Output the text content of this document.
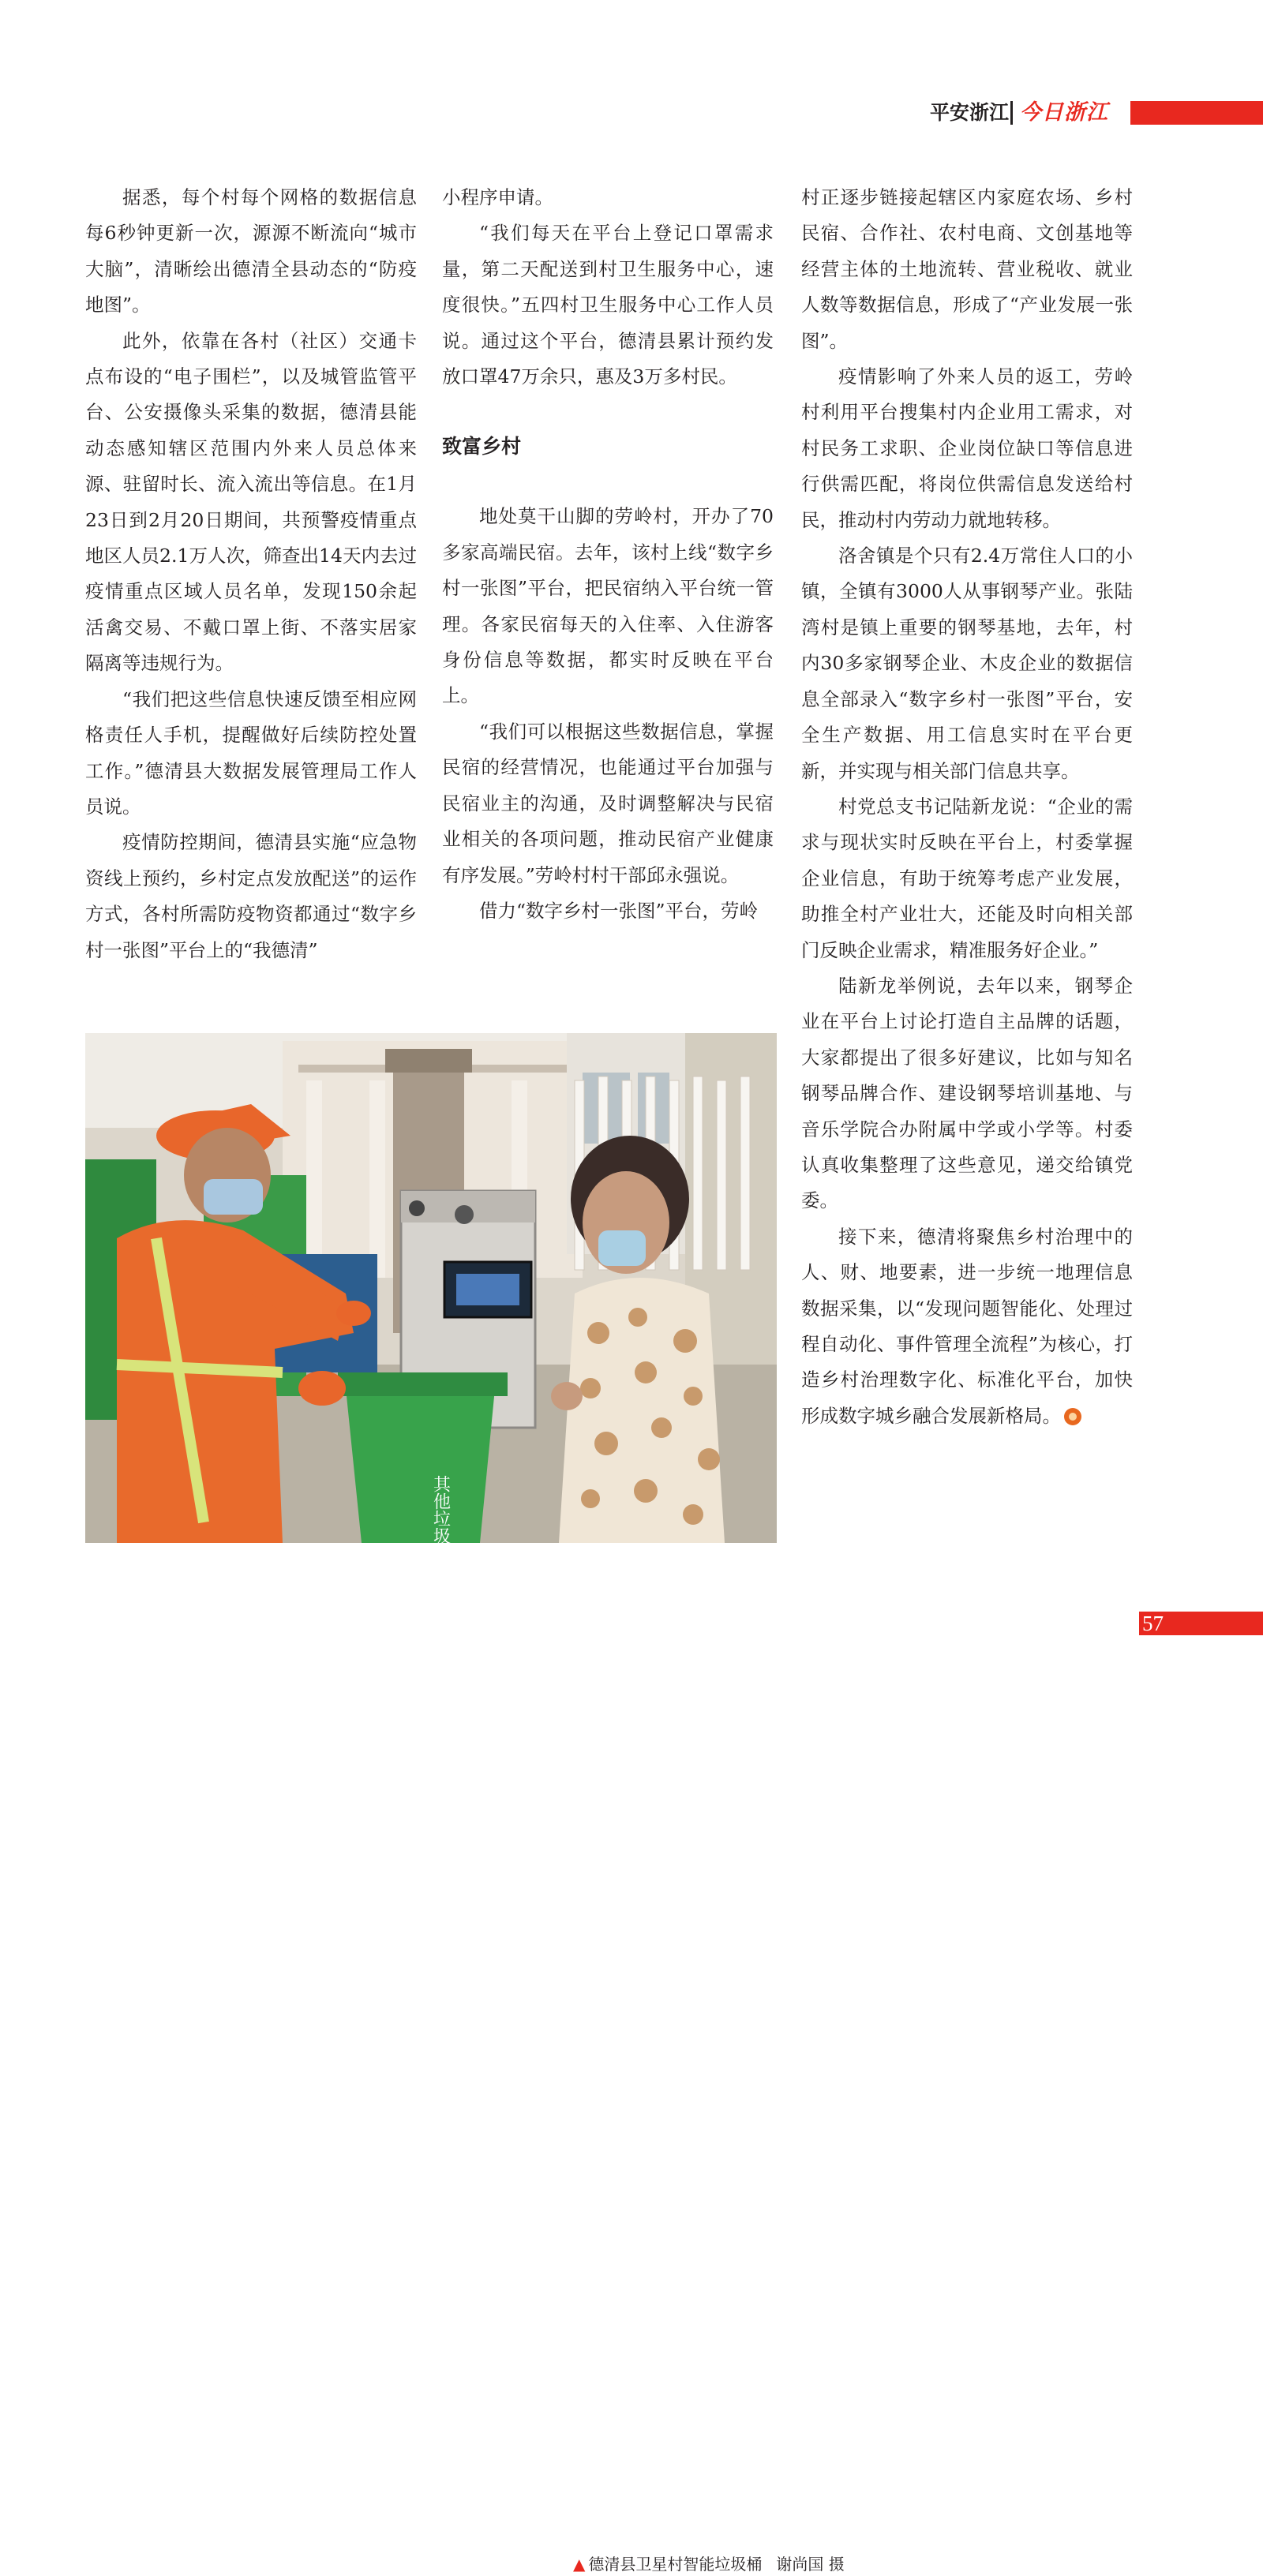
平安浙江 今日浙江

据悉，每个村每个网格的数据信息每6秒钟更新一次，源源不断流向“城市大脑”，清晰绘出德清全县动态的“防疫地图”。

此外，依靠在各村（社区）交通卡点布设的“电子围栏”，以及城管监管平台、公安摄像头采集的数据，德清县能动态感知辖区范围内外来人员总体来源、驻留时长、流入流出等信息。在1月23日到2月20日期间，共预警疫情重点地区人员2.1万人次，筛查出14天内去过疫情重点区域人员名单，发现150余起活禽交易、不戴口罩上街、不落实居家隔离等违规行为。

“我们把这些信息快速反馈至相应网格责任人手机，提醒做好后续防控处置工作。”德清县大数据发展管理局工作人员说。

疫情防控期间，德清县实施“应急物资线上预约，乡村定点发放配送”的运作方式，各村所需防疫物资都通过“数字乡村一张图”平台上的“我德清”

小程序申请。

“我们每天在平台上登记口罩需求量，第二天配送到村卫生服务中心，速度很快。”五四村卫生服务中心工作人员说。通过这个平台，德清县累计预约发放口罩47万余只，惠及3万多村民。

致富乡村

地处莫干山脚的劳岭村，开办了70多家高端民宿。去年，该村上线“数字乡村一张图”平台，把民宿纳入平台统一管理。各家民宿每天的入住率、入住游客身份信息等数据，都实时反映在平台上。

“我们可以根据这些数据信息，掌握民宿的经营情况，也能通过平台加强与民宿业主的沟通，及时调整解决与民宿业相关的各项问题，推动民宿产业健康有序发展。”劳岭村村干部邱永强说。

借力“数字乡村一张图”平台，劳岭

村正逐步链接起辖区内家庭农场、乡村民宿、合作社、农村电商、文创基地等经营主体的土地流转、营业税收、就业人数等数据信息，形成了“产业发展一张图”。

疫情影响了外来人员的返工，劳岭村利用平台搜集村内企业用工需求，对村民务工求职、企业岗位缺口等信息进行供需匹配，将岗位供需信息发送给村民，推动村内劳动力就地转移。

洛舍镇是个只有2.4万常住人口的小镇，全镇有3000人从事钢琴产业。张陆湾村是镇上重要的钢琴基地，去年，村内30多家钢琴企业、木皮企业的数据信息全部录入“数字乡村一张图”平台，安全生产数据、用工信息实时在平台更新，并实现与相关部门信息共享。

村党总支书记陆新龙说：“企业的需求与现状实时反映在平台上，村委掌握企业信息，有助于统筹考虑产业发展，助推全村产业壮大，还能及时向相关部门反映企业需求，精准服务好企业。”

陆新龙举例说，去年以来，钢琴企业在平台上讨论打造自主品牌的话题，大家都提出了很多好建议，比如与知名钢琴品牌合作、建设钢琴培训基地、与音乐学院合办附属中学或小学等。村委认真收集整理了这些意见，递交给镇党委。

接下来，德清将聚焦乡村治理中的人、财、地要素，进一步统一地理信息数据采集，以“发现问题智能化、处理过程自动化、事件管理全流程”为核心，打造乡村治理数字化、标准化平台，加快形成数字城乡融合发展新格局。

其他垃圾
▲ 德清县卫星村智能垃圾桶 谢尚国 摄
57
